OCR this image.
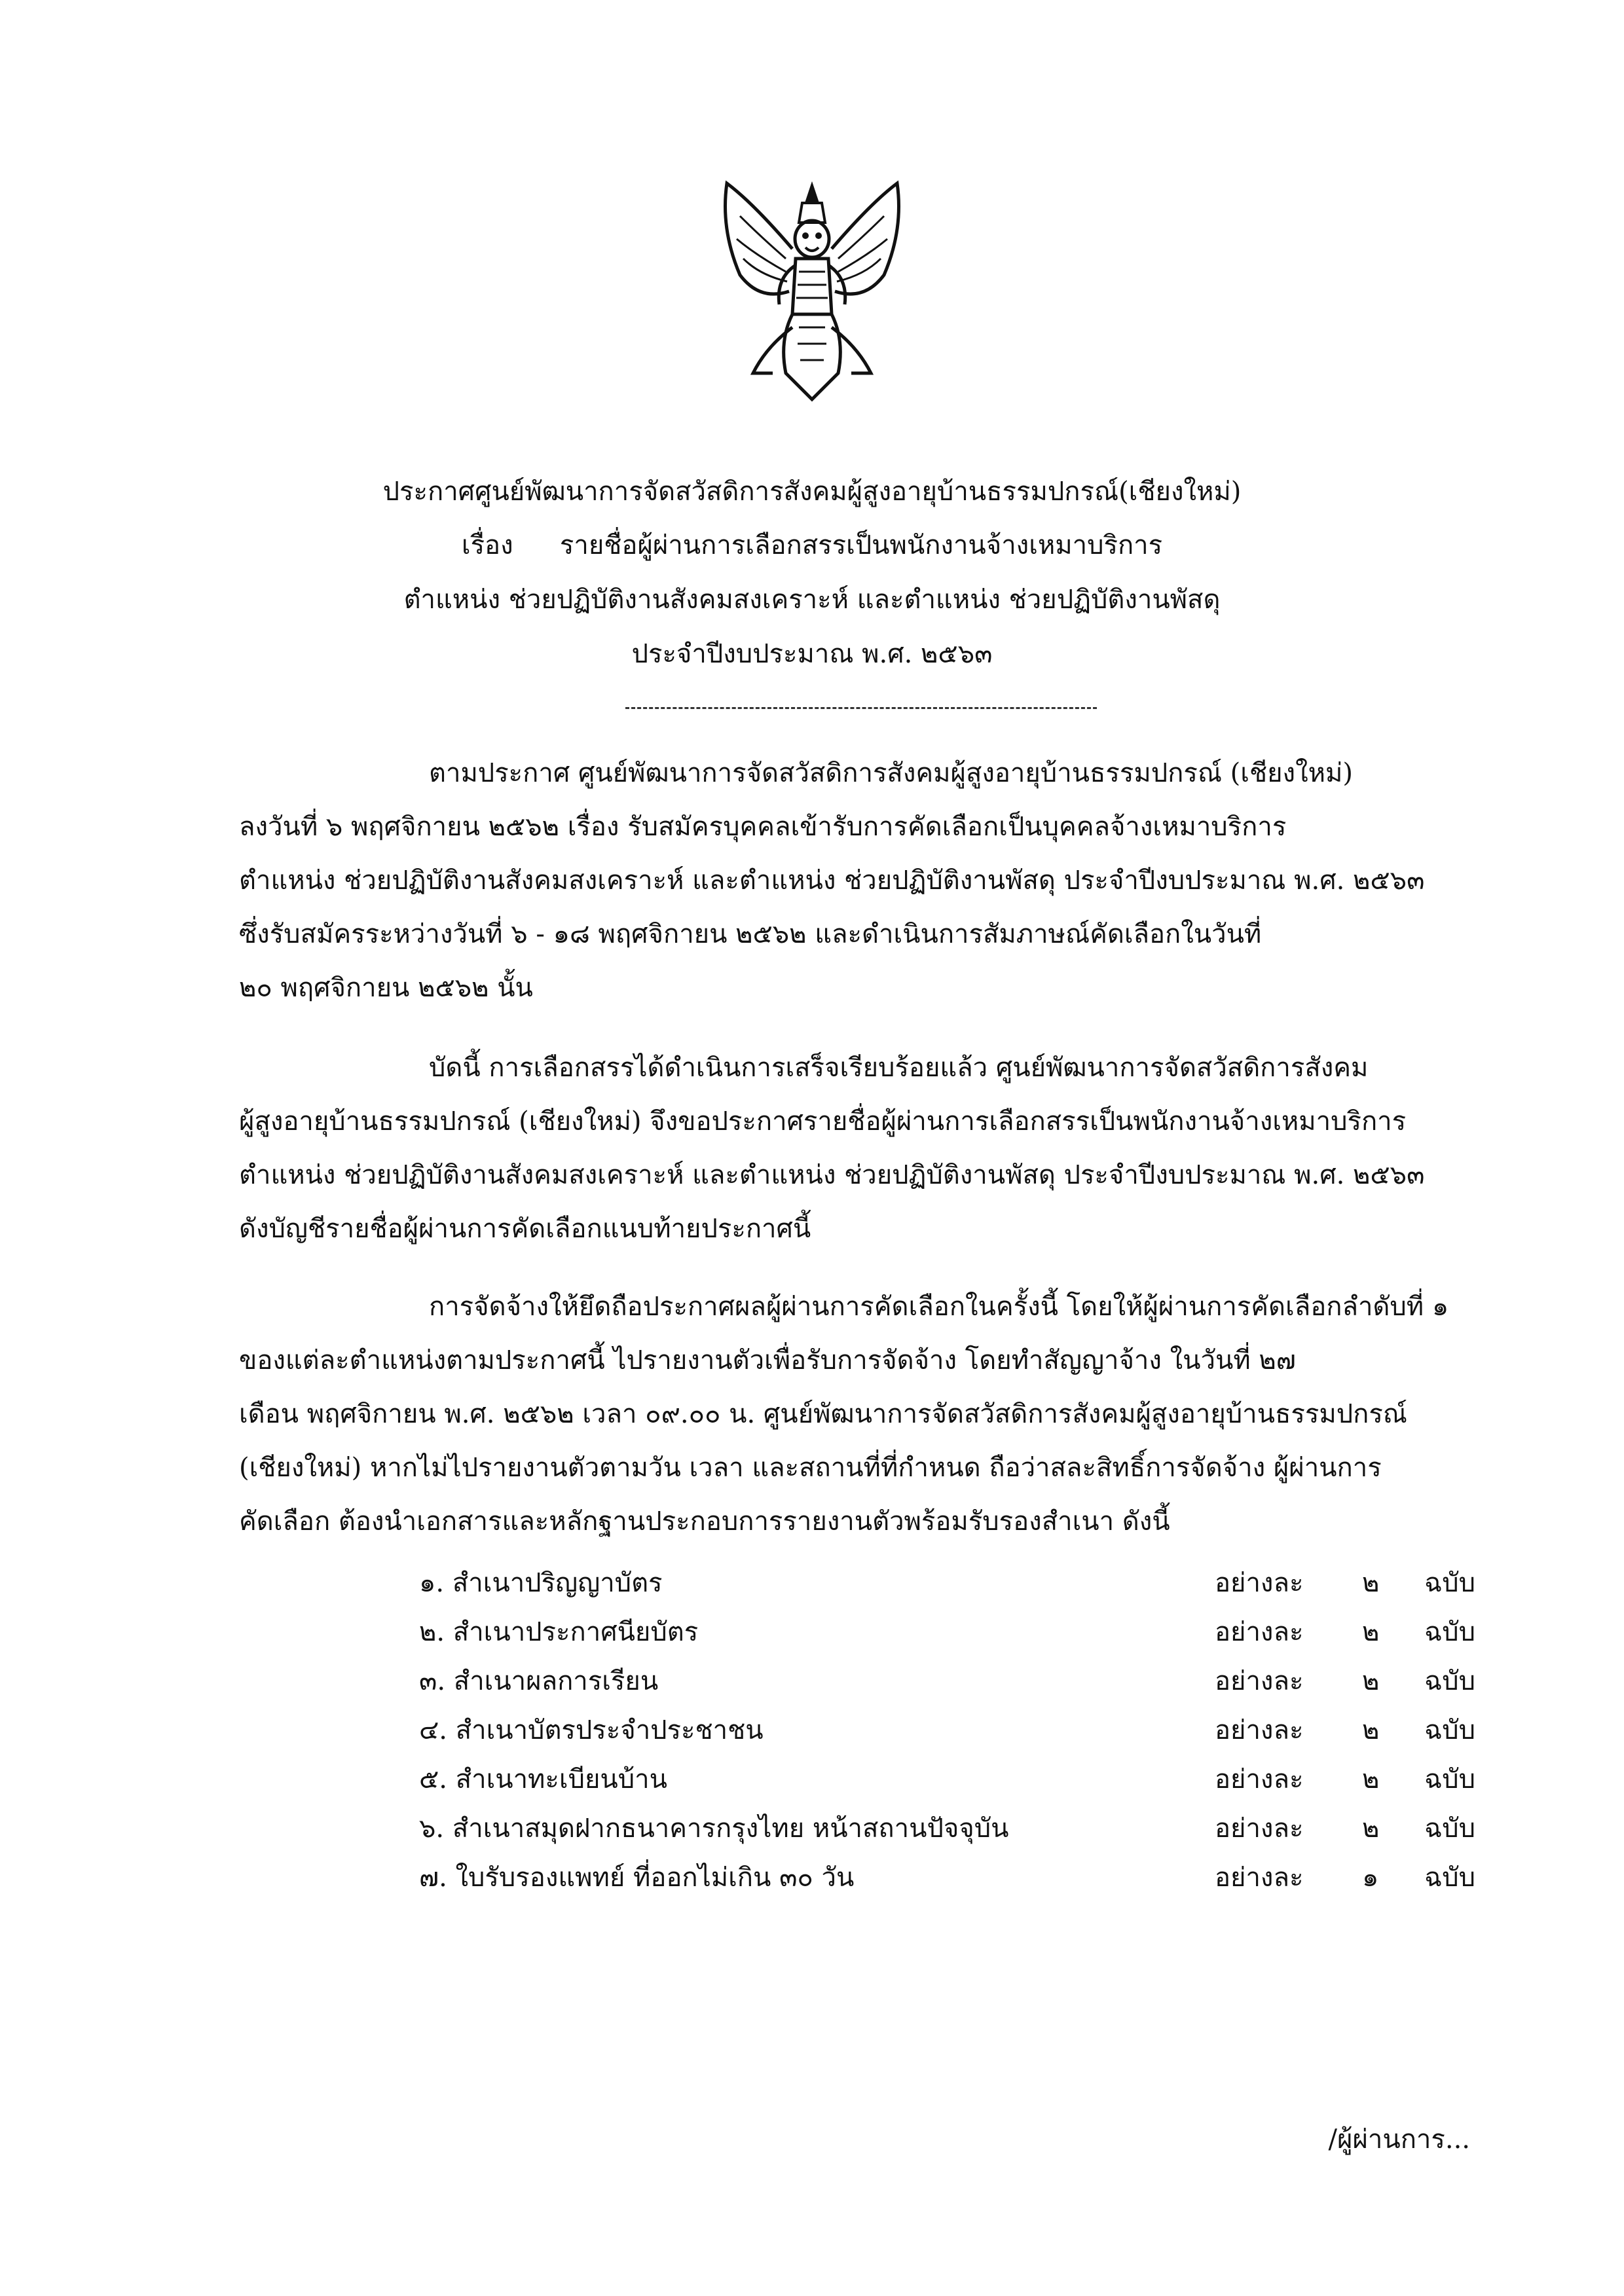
ประกาศศูนย์พัฒนาการจัดสวัสดิการสังคมผู้สูงอายุบ้านธรรมปกรณ์(เชียงใหม่)
เรื่อง รายชื่อผู้ผ่านการเลือกสรรเป็นพนักงานจ้างเหมาบริการ
ตำแหน่ง ช่วยปฏิบัติงานสังคมสงเคราะห์ และตำแหน่ง ช่วยปฏิบัติงานพัสดุ
ประจำปีงบประมาณ พ.ศ. ๒๕๖๓
ตามประกาศ ศูนย์พัฒนาการจัดสวัสดิการสังคมผู้สูงอายุบ้านธรรมปกรณ์ (เชียงใหม่)
ลงวันที่ ๖ พฤศจิกายน ๒๕๖๒ เรื่อง รับสมัครบุคคลเข้ารับการคัดเลือกเป็นบุคคลจ้างเหมาบริการ
ตำแหน่ง ช่วยปฏิบัติงานสังคมสงเคราะห์ และตำแหน่ง ช่วยปฏิบัติงานพัสดุ ประจำปีงบประมาณ พ.ศ. ๒๕๖๓
ซึ่งรับสมัครระหว่างวันที่ ๖ - ๑๘ พฤศจิกายน ๒๕๖๒ และดำเนินการสัมภาษณ์คัดเลือกในวันที่
๒๐ พฤศจิกายน ๒๕๖๒ นั้น
บัดนี้ การเลือกสรรได้ดำเนินการเสร็จเรียบร้อยแล้ว ศูนย์พัฒนาการจัดสวัสดิการสังคม
ผู้สูงอายุบ้านธรรมปกรณ์ (เชียงใหม่) จึงขอประกาศรายชื่อผู้ผ่านการเลือกสรรเป็นพนักงานจ้างเหมาบริการ
ตำแหน่ง ช่วยปฏิบัติงานสังคมสงเคราะห์ และตำแหน่ง ช่วยปฏิบัติงานพัสดุ ประจำปีงบประมาณ พ.ศ. ๒๕๖๓
ดังบัญชีรายชื่อผู้ผ่านการคัดเลือกแนบท้ายประกาศนี้
การจัดจ้างให้ยึดถือประกาศผลผู้ผ่านการคัดเลือกในครั้งนี้ โดยให้ผู้ผ่านการคัดเลือกลำดับที่ ๑
ของแต่ละตำแหน่งตามประกาศนี้ ไปรายงานตัวเพื่อรับการจัดจ้าง โดยทำสัญญาจ้าง ในวันที่ ๒๗
เดือน พฤศจิกายน พ.ศ. ๒๕๖๒ เวลา ๐๙.๐๐ น. ศูนย์พัฒนาการจัดสวัสดิการสังคมผู้สูงอายุบ้านธรรมปกรณ์
(เชียงใหม่) หากไม่ไปรายงานตัวตามวัน เวลา และสถานที่ที่กำหนด ถือว่าสละสิทธิ์การจัดจ้าง ผู้ผ่านการ
คัดเลือก ต้องนำเอกสารและหลักฐานประกอบการรายงานตัวพร้อมรับรองสำเนา ดังนี้
๑. สำเนาปริญญาบัตร	อย่างละ ๒ ฉบับ
๒. สำเนาประกาศนียบัตร	อย่างละ ๒ ฉบับ
๓. สำเนาผลการเรียน	อย่างละ ๒ ฉบับ
๔. สำเนาบัตรประจำประชาชน	อย่างละ ๒ ฉบับ
๕. สำเนาทะเบียนบ้าน	อย่างละ ๒ ฉบับ
๖. สำเนาสมุดฝากธนาคารกรุงไทย หน้าสถานปัจจุบัน	อย่างละ ๒ ฉบับ
๗. ใบรับรองแพทย์ ที่ออกไม่เกิน ๓๐ วัน	อย่างละ ๑ ฉบับ
/ผู้ผ่านการ...
